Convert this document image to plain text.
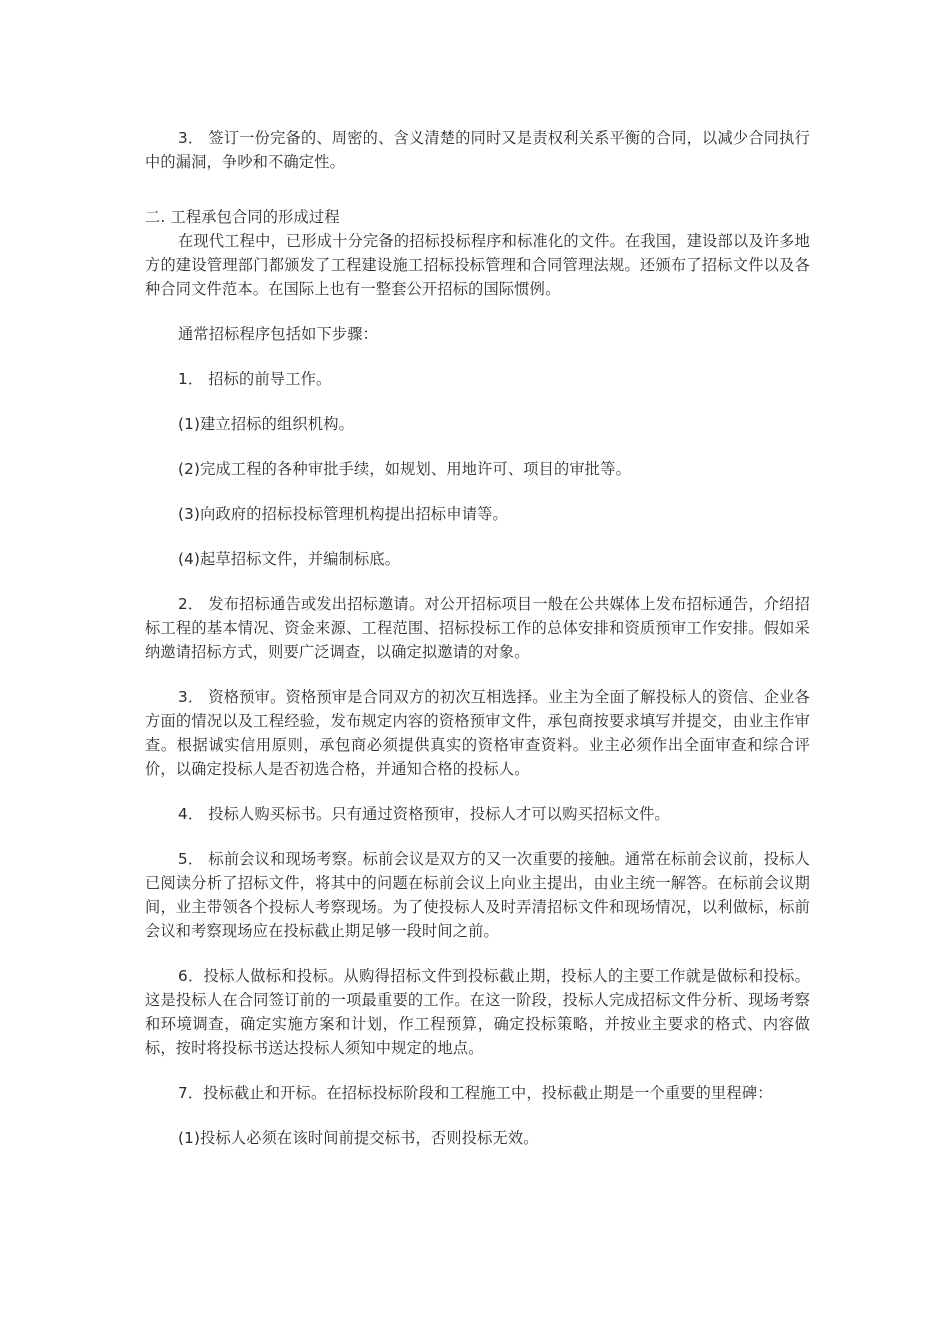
3． 签订一份完备的、周密的、含义清楚的同时又是责权利关系平衡的合同，以减少合同执行中的漏洞，争吵和不确定性。

二. 工程承包合同的形成过程

在现代工程中，已形成十分完备的招标投标程序和标准化的文件。在我国，建设部以及许多地方的建设管理部门都颁发了工程建设施工招标投标管理和合同管理法规。还颁布了招标文件以及各种合同文件范本。在国际上也有一整套公开招标的国际惯例。

通常招标程序包括如下步骤：

1． 招标的前导工作。

(1)建立招标的组织机构。

(2)完成工程的各种审批手续，如规划、用地许可、项目的审批等。

(3)向政府的招标投标管理机构提出招标申请等。

(4)起草招标文件，并编制标底。

2． 发布招标通告或发出招标邀请。对公开招标项目一般在公共媒体上发布招标通告，介绍招标工程的基本情况、资金来源、工程范围、招标投标工作的总体安排和资质预审工作安排。假如采纳邀请招标方式，则要广泛调查，以确定拟邀请的对象。

3． 资格预审。资格预审是合同双方的初次互相选择。业主为全面了解投标人的资信、企业各方面的情况以及工程经验，发布规定内容的资格预审文件，承包商按要求填写并提交，由业主作审查。根据诚实信用原则，承包商必须提供真实的资格审查资料。业主必须作出全面审查和综合评价，以确定投标人是否初选合格，并通知合格的投标人。

4． 投标人购买标书。只有通过资格预审，投标人才可以购买招标文件。

5． 标前会议和现场考察。标前会议是双方的又一次重要的接触。通常在标前会议前，投标人已阅读分析了招标文件，将其中的问题在标前会议上向业主提出，由业主统一解答。在标前会议期间，业主带领各个投标人考察现场。为了使投标人及时弄清招标文件和现场情况，以利做标，标前会议和考察现场应在投标截止期足够一段时间之前。

6．投标人做标和投标。从购得招标文件到投标截止期，投标人的主要工作就是做标和投标。这是投标人在合同签订前的一项最重要的工作。在这一阶段，投标人完成招标文件分析、现场考察和环境调查，确定实施方案和计划，作工程预算，确定投标策略，并按业主要求的格式、内容做标，按时将投标书送达投标人须知中规定的地点。

7．投标截止和开标。在招标投标阶段和工程施工中，投标截止期是一个重要的里程碑：

(1)投标人必须在该时间前提交标书，否则投标无效。
